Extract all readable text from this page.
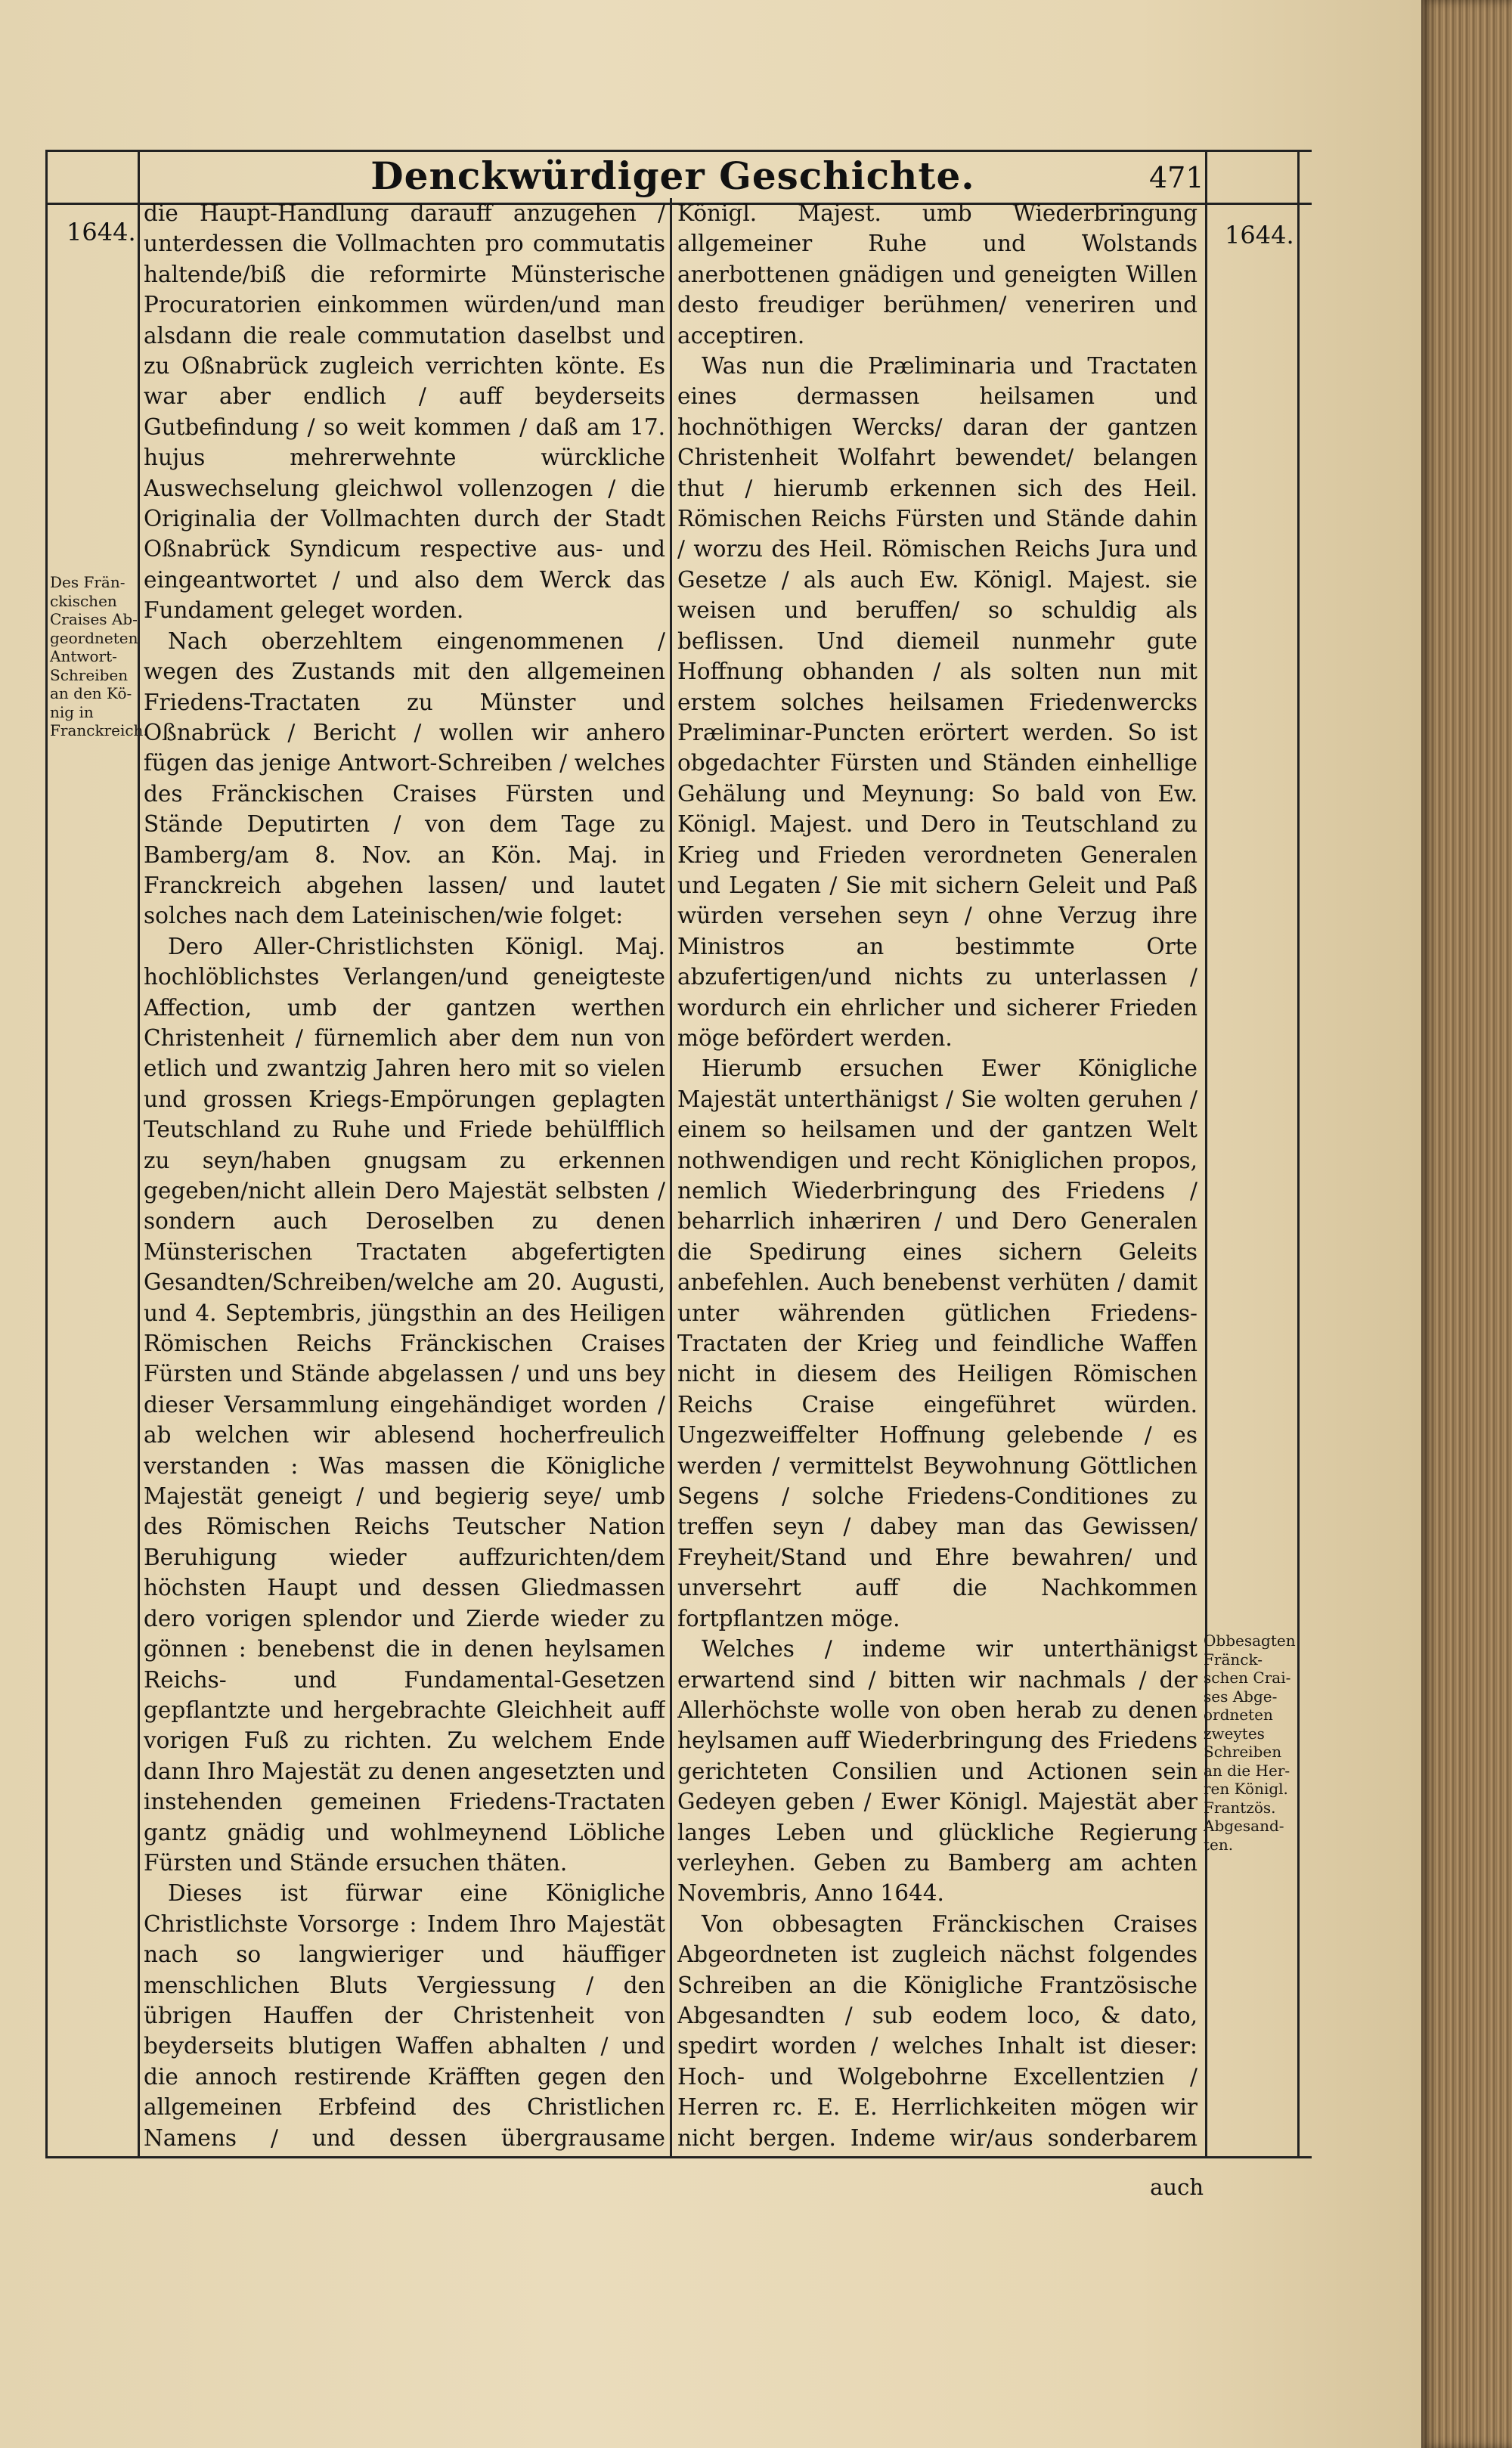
Denckwürdiger Geschichte.	471
1644.	1644.
Des Frän-
ckischen
Craises Ab-
geordneten
Antwort-
Schreiben
an den Kö-
nig in
Franckreich.
Obbesagten
Fränck-
schen Crai-
ses Abge-
ordneten
zweytes
Schreiben
an die Her-
ren Königl.
Frantzös.
Abgesand-
ten.

die Haupt-Handlung darauff anzugehen / unterdessen die Vollmachten pro commutatis haltende/biß die reformirte Münsterische Procuratorien einkommen würden/und man alsdann die reale commutation daselbst und zu Oßnabrück zugleich verrichten könte. Es war aber endlich / auff beyderseits Gutbefindung / so weit kommen / daß am 17. hujus mehrerwehnte würckliche Auswechselung gleichwol vollenzogen / die Originalia der Vollmachten durch der Stadt Oßnabrück Syndicum respective aus- und eingeantwortet / und also dem Werck das Fundament geleget worden.

Nach oberzehltem eingenommenen / wegen des Zustands mit den allgemeinen Friedens-Tractaten zu Münster und Oßnabrück / Bericht / wollen wir anhero fügen das jenige Antwort-Schreiben / welches des Fränckischen Craises Fürsten und Stände Deputirten / von dem Tage zu Bamberg/am 8. Nov. an Kön. Maj. in Franckreich abgehen lassen/ und lautet solches nach dem Lateinischen/wie folget:

Dero Aller-Christlichsten Königl. Maj. hochlöblichstes Verlangen/und geneigteste Affection, umb der gantzen werthen Christenheit / fürnemlich aber dem nun von etlich und zwantzig Jahren hero mit so vielen und grossen Kriegs-Empörungen geplagten Teutschland zu Ruhe und Friede behülfflich zu seyn/haben gnugsam zu erkennen gegeben/nicht allein Dero Majestät selbsten / sondern auch Deroselben zu denen Münsterischen Tractaten abgefertigten Gesandten/Schreiben/welche am 20. Augusti, und 4. Septembris, jüngsthin an des Heiligen Römischen Reichs Fränckischen Craises Fürsten und Stände abgelassen / und uns bey dieser Versammlung eingehändiget worden / ab welchen wir ablesend hocherfreulich verstanden : Was massen die Königliche Majestät geneigt / und begierig seye/ umb des Römischen Reichs Teutscher Nation Beruhigung wieder auffzurichten/dem höchsten Haupt und dessen Gliedmassen dero vorigen splendor und Zierde wieder zu gönnen : benebenst die in denen heylsamen Reichs- und Fundamental-Gesetzen gepflantzte und hergebrachte Gleichheit auff vorigen Fuß zu richten. Zu welchem Ende dann Ihro Majestät zu denen angesetzten und instehenden gemeinen Friedens-Tractaten gantz gnädig und wohlmeynend Löbliche Fürsten und Stände ersuchen thäten.

Dieses ist fürwar eine Königliche Christlichste Vorsorge : Indem Ihro Majestät nach so langwieriger und häuffiger menschlichen Bluts Vergiessung / den übrigen Hauffen der Christenheit von beyderseits blutigen Waffen abhalten / und die annoch restirende Kräfften gegen den allgemeinen Erbfeind des Christlichen Namens / und dessen übergrausame

Königl. Majest. umb Wiederbringung allgemeiner Ruhe und Wolstands anerbottenen gnädigen und geneigten Willen desto freudiger berühmen/ veneriren und acceptiren.

Was nun die Præliminaria und Tractaten eines dermassen heilsamen und hochnöthigen Wercks/ daran der gantzen Christenheit Wolfahrt bewendet/ belangen thut / hierumb erkennen sich des Heil. Römischen Reichs Fürsten und Stände dahin / worzu des Heil. Römischen Reichs Jura und Gesetze / als auch Ew. Königl. Majest. sie weisen und beruffen/ so schuldig als beflissen. Und diemeil nunmehr gute Hoffnung obhanden / als solten nun mit erstem solches heilsamen Friedenwercks Præliminar-Puncten erörtert werden. So ist obgedachter Fürsten und Ständen einhellige Gehälung und Meynung: So bald von Ew. Königl. Majest. und Dero in Teutschland zu Krieg und Frieden verordneten Generalen und Legaten / Sie mit sichern Geleit und Paß würden versehen seyn / ohne Verzug ihre Ministros an bestimmte Orte abzufertigen/und nichts zu unterlassen / wordurch ein ehrlicher und sicherer Frieden möge befördert werden.

Hierumb ersuchen Ewer Königliche Majestät unterthänigst / Sie wolten geruhen / einem so heilsamen und der gantzen Welt nothwendigen und recht Königlichen propos, nemlich Wiederbringung des Friedens / beharrlich inhæriren / und Dero Generalen die Spedirung eines sichern Geleits anbefehlen. Auch benebenst verhüten / damit unter währenden gütlichen Friedens-Tractaten der Krieg und feindliche Waffen nicht in diesem des Heiligen Römischen Reichs Craise eingeführet würden. Ungezweiffelter Hoffnung gelebende / es werden / vermittelst Beywohnung Göttlichen Segens / solche Friedens-Conditiones zu treffen seyn / dabey man das Gewissen/ Freyheit/Stand und Ehre bewahren/ und unversehrt auff die Nachkommen fortpflantzen möge.

Welches / indeme wir unterthänigst erwartend sind / bitten wir nachmals / der Allerhöchste wolle von oben herab zu denen heylsamen auff Wiederbringung des Friedens gerichteten Consilien und Actionen sein Gedeyen geben / Ewer Königl. Majestät aber langes Leben und glückliche Regierung verleyhen. Geben zu Bamberg am achten Novembris, Anno 1644.

Von obbesagten Fränckischen Craises Abgeordneten ist zugleich nächst folgendes Schreiben an die Königliche Frantzösische Abgesandten / sub eodem loco, & dato, spedirt worden / welches Inhalt ist dieser: Hoch- und Wolgebohrne Excellentzien / Herren rc. E. E. Herrlichkeiten mögen wir nicht bergen. Indeme wir/aus sonderbarem

auch
